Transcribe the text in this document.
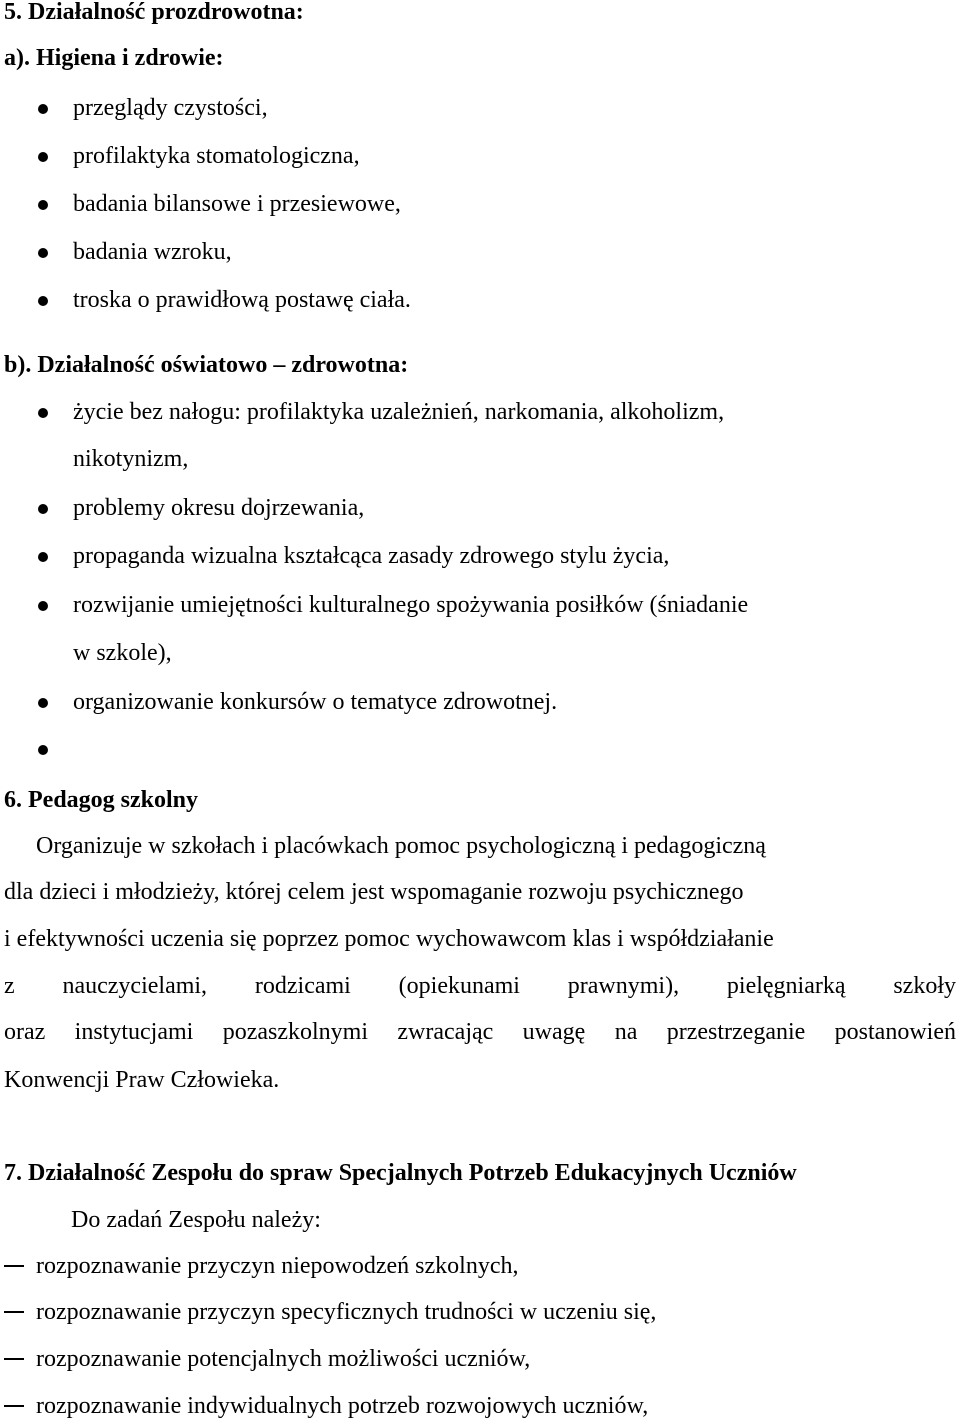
5. Działalność prozdrowotna:
a). Higiena i zdrowie:
przeglądy czystości,
profilaktyka stomatologiczna,
badania bilansowe i przesiewowe,
badania wzroku,
troska o prawidłową postawę ciała.
b). Działalność oświatowo – zdrowotna:
życie bez nałogu: profilaktyka uzależnień, narkomania, alkoholizm,
nikotynizm,
problemy okresu dojrzewania,
propaganda wizualna kształcąca zasady zdrowego stylu życia,
rozwijanie umiejętności kulturalnego spożywania posiłków (śniadanie
w szkole),
organizowanie konkursów o tematyce zdrowotnej.
6. Pedagog szkolny
Organizuje w szkołach i placówkach pomoc psychologiczną i pedagogiczną
dla dzieci i młodzieży, której celem jest wspomaganie rozwoju psychicznego
i efektywności uczenia się poprzez pomoc wychowawcom klas i współdziałanie
z nauczycielami, rodzicami (opiekunami prawnymi), pielęgniarką szkoły
oraz instytucjami pozaszkolnymi zwracając uwagę na przestrzeganie postanowień
Konwencji Praw Człowieka.
7. Działalność Zespołu do spraw Specjalnych Potrzeb Edukacyjnych Uczniów
Do zadań Zespołu należy:
rozpoznawanie przyczyn niepowodzeń szkolnych,
rozpoznawanie przyczyn specyficznych trudności w uczeniu się,
rozpoznawanie potencjalnych możliwości uczniów,
rozpoznawanie indywidualnych potrzeb rozwojowych uczniów,
